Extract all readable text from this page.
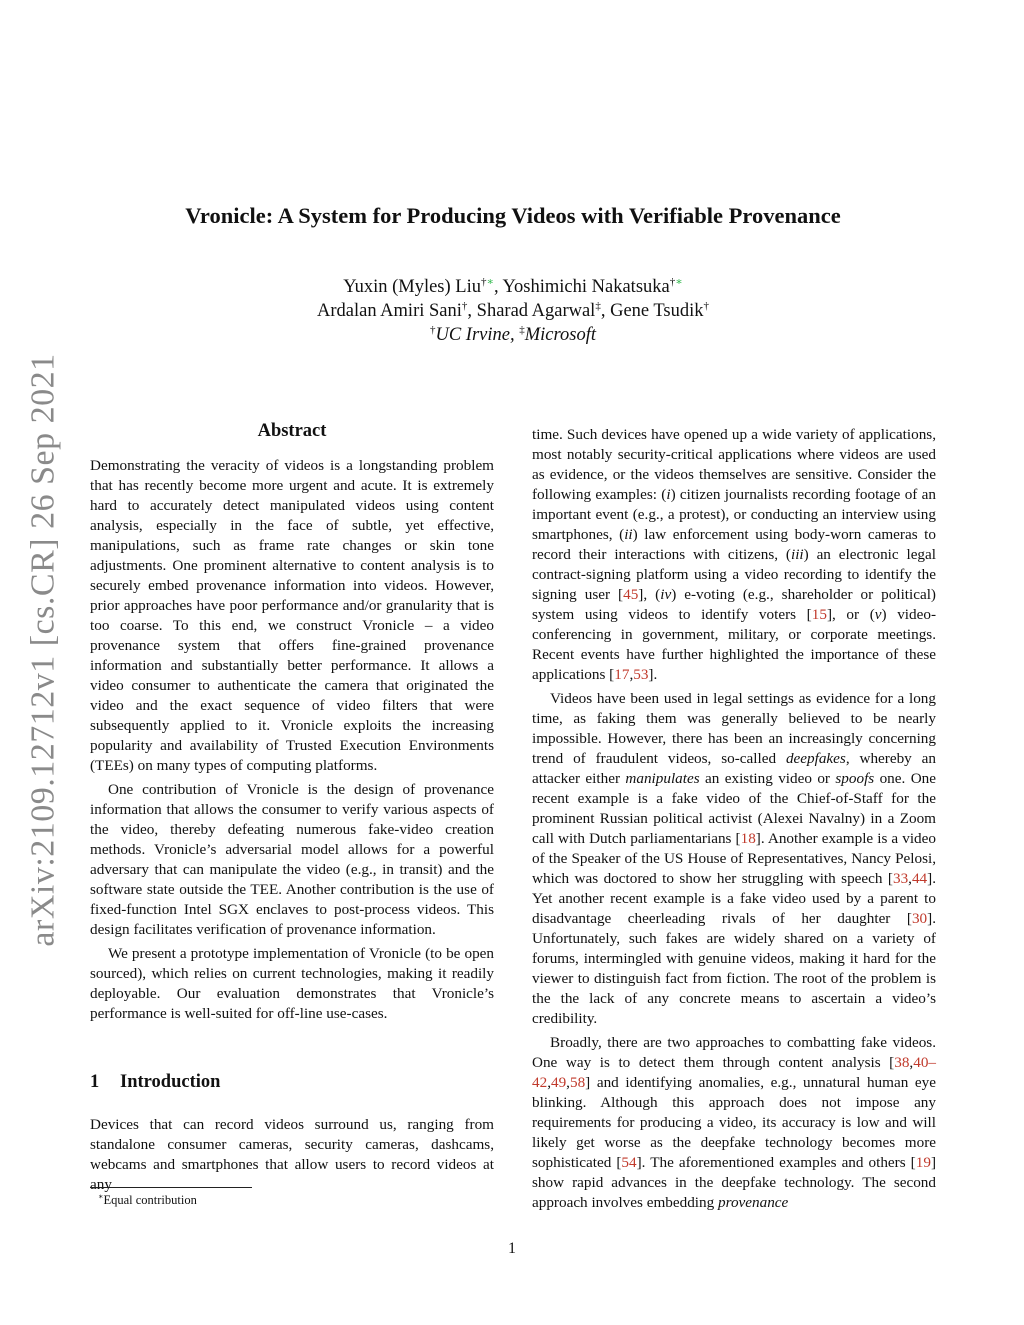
arXiv:2109.12712v1 [cs.CR] 26 Sep 2021
Vronicle: A System for Producing Videos with Verifiable Provenance
Yuxin (Myles) Liu†∗, Yoshimichi Nakatsuka†∗
Ardalan Amiri Sani†, Sharad Agarwal‡, Gene Tsudik†
†UC Irvine, ‡Microsoft
Abstract

Demonstrating the veracity of videos is a longstanding problem that has recently become more urgent and acute. It is extremely hard to accurately detect manipulated videos using content analysis, especially in the face of subtle, yet effective, manipulations, such as frame rate changes or skin tone adjustments. One prominent alternative to content analysis is to securely embed provenance information into videos. However, prior approaches have poor performance and/or granularity that is too coarse. To this end, we construct Vronicle – a video provenance system that offers fine-grained provenance information and substantially better performance. It allows a video consumer to authenticate the camera that originated the video and the exact sequence of video filters that were subsequently applied to it. Vronicle exploits the increasing popularity and availability of Trusted Execution Environments (TEEs) on many types of computing platforms.

One contribution of Vronicle is the design of provenance information that allows the consumer to verify various aspects of the video, thereby defeating numerous fake-video creation methods. Vronicle’s adversarial model allows for a powerful adversary that can manipulate the video (e.g., in transit) and the software state outside the TEE. Another contribution is the use of fixed-function Intel SGX enclaves to post-process videos. This design facilitates verification of provenance information.

We present a prototype implementation of Vronicle (to be open sourced), which relies on current technologies, making it readily deployable. Our evaluation demonstrates that Vronicle’s performance is well-suited for off-line use-cases.

1 Introduction

Devices that can record videos surround us, ranging from standalone consumer cameras, security cameras, dashcams, webcams and smartphones that allow users to record videos at any

∗Equal contribution

time. Such devices have opened up a wide variety of applications, most notably security-critical applications where videos are used as evidence, or the videos themselves are sensitive. Consider the following examples: (i) citizen journalists recording footage of an important event (e.g., a protest), or conducting an interview using smartphones, (ii) law enforcement using body-worn cameras to record their interactions with citizens, (iii) an electronic legal contract-signing platform using a video recording to identify the signing user [45], (iv) e-voting (e.g., shareholder or political) system using videos to identify voters [15], or (v) video-conferencing in government, military, or corporate meetings. Recent events have further highlighted the importance of these applications [17,53].

Videos have been used in legal settings as evidence for a long time, as faking them was generally believed to be nearly impossible. However, there has been an increasingly concerning trend of fraudulent videos, so-called deepfakes, whereby an attacker either manipulates an existing video or spoofs one. One recent example is a fake video of the Chief-of-Staff for the prominent Russian political activist (Alexei Navalny) in a Zoom call with Dutch parliamentarians [18]. Another example is a video of the Speaker of the US House of Representatives, Nancy Pelosi, which was doctored to show her struggling with speech [33,44]. Yet another recent example is a fake video used by a parent to disadvantage cheerleading rivals of her daughter [30]. Unfortunately, such fakes are widely shared on a variety of forums, intermingled with genuine videos, making it hard for the viewer to distinguish fact from fiction. The root of the problem is the the lack of any concrete means to ascertain a video’s credibility.

Broadly, there are two approaches to combatting fake videos. One way is to detect them through content analysis [38,40–42,49,58] and identifying anomalies, e.g., unnatural human eye blinking. Although this approach does not impose any requirements for producing a video, its accuracy is low and will likely get worse as the deepfake technology becomes more sophisticated [54]. The aforementioned examples and others [19] show rapid advances in the deepfake technology. The second approach involves embedding provenance

1
